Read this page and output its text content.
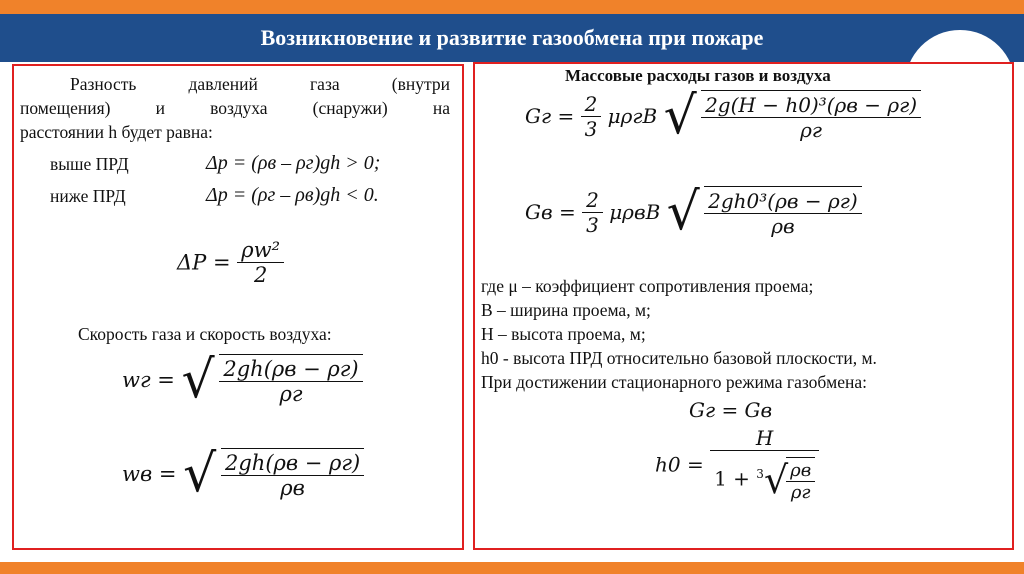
Возникновение и развитие газообмена при пожаре
Разность	давлений	газа	(внутри
помещения)	и	воздуха	(снаружи)	на
расстоянии h будет равна:
выше ПРД	Δp = (ρв – ρг)gh > 0;
ниже ПРД	Δp = (ρг – ρв)gh < 0.
$\Delta P = \frac{\text{ρw²}}{2}$
Скорость газа и скорость воздуха:
wг = √ $\frac{2gh(\rho в - \rho г)}{\rho г}$
wв = √ $\frac{2gh(\rho в - \rho г)}{\rho в}$
Массовые расходы газов и воздуха
Gг = $\frac{2}{3}$ μρгB √ $\frac{\text{2g(H − h0)³(ρв − ρг)}}{\rho г}$
Gв = $\frac{2}{3}$ μρвB √ $\frac{\text{2gh0³(ρв − ρг)}}{\rho в}$
где μ – коэффициент сопротивления проема;
B – ширина проема, м;
H – высота проема, м;
h0 - высота ПРД относительно базовой плоскости, м.
При достижении стационарного режима газобмена:
Gг = Gв
h0 = H
1 + $^3$√
$\frac{\rho в}{\rho г}$
